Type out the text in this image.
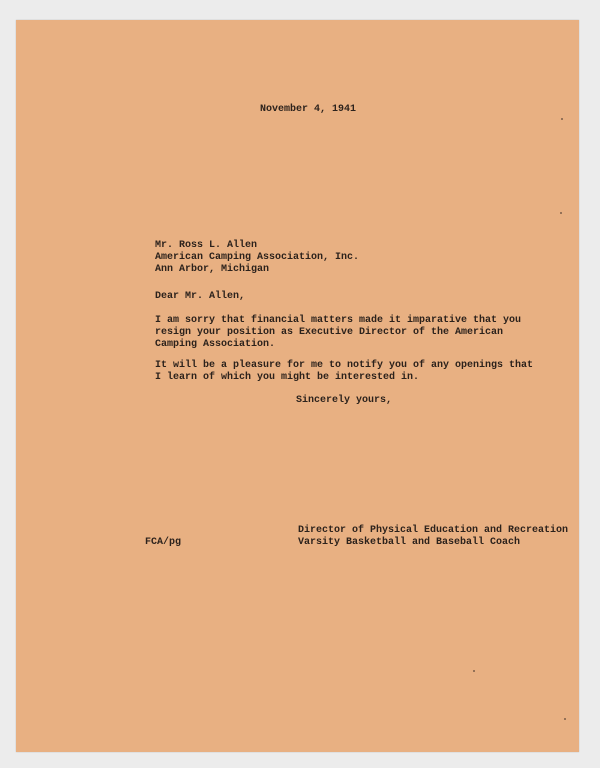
November 4, 1941

Mr. Ross L. Allen

American Camping Association, Inc.

Ann Arbor, Michigan

Dear Mr. Allen,

I am sorry that financial matters made it imparative that you

resign your position as Executive Director of the American

Camping Association.

It will be a pleasure for me to notify you of any openings that

I learn of which you might be interested in.

Sincerely yours,

FCA/pg

Director of Physical Education and Recreation

Varsity Basketball and Baseball Coach
